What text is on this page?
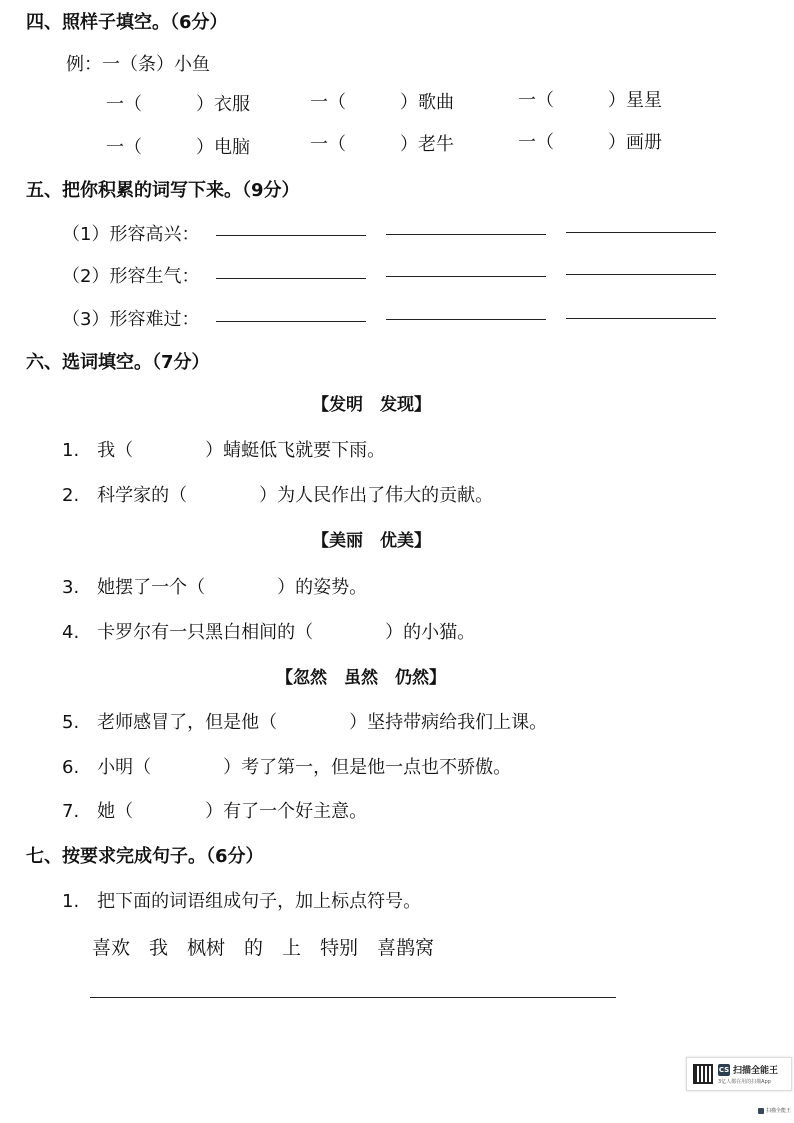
四、照样子填空。（6分）
例：一（条）小鱼
一（　　　）衣服	一（　　　）歌曲	一（　　　）星星
一（　　　）电脑	一（　　　）老牛	一（　　　）画册
五、把你积累的词写下来。（9分）
（1）形容高兴：
（2）形容生气：
（3）形容难过：
六、选词填空。（7分）
【发明　发现】
1.　我（　　　　）蜻蜓低飞就要下雨。
2.　科学家的（　　　　）为人民作出了伟大的贡献。
【美丽　优美】
3.　她摆了一个（　　　　）的姿势。
4.　卡罗尔有一只黑白相间的（　　　　）的小猫。
【忽然　虽然　仍然】
5.　老师感冒了，但是他（　　　　）坚持带病给我们上课。
6.　小明（　　　　）考了第一，但是他一点也不骄傲。
7.　她（　　　　）有了一个好主意。
七、按要求完成句子。（6分）
1.　把下面的词语组成句子，加上标点符号。
喜欢　我　枫树　的　上　特别　喜鹊窝
CS 扫描全能王
3亿人都在用的扫描App
扫描全能王
